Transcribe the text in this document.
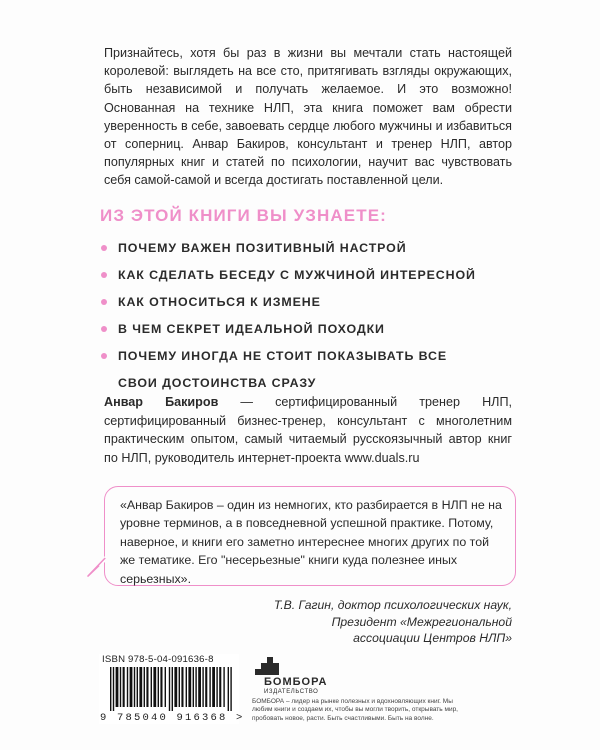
Признайтесь, хотя бы раз в жизни вы мечтали стать настоящей королевой: выглядеть на все сто, притягивать взгляды окружающих, быть независимой и получать желаемое. И это возможно! Основанная на технике НЛП, эта книга поможет вам обрести уверенность в себе, завоевать сердце любого мужчины и избавиться от соперниц. Анвар Бакиров, консультант и тренер НЛП, автор популярных книг и статей по психологии, научит вас чувствовать себя самой-самой и всегда достигать поставленной цели.

ИЗ ЭТОЙ КНИГИ ВЫ УЗНАЕТЕ:
ПОЧЕМУ ВАЖЕН ПОЗИТИВНЫЙ НАСТРОЙ
КАК СДЕЛАТЬ БЕСЕДУ С МУЖЧИНОЙ ИНТЕРЕСНОЙ
КАК ОТНОСИТЬСЯ К ИЗМЕНЕ
В ЧЕМ СЕКРЕТ ИДЕАЛЬНОЙ ПОХОДКИ
ПОЧЕМУ ИНОГДА НЕ СТОИТ ПОКАЗЫВАТЬ ВСЕ
СВОИ ДОСТОИНСТВА СРАЗУ

Анвар Бакиров — сертифицированный тренер НЛП, сертифицированный бизнес-тренер, консультант с многолетним практическим опытом, самый читаемый русскоязычный автор книг по НЛП, руководитель интернет-проекта www.duals.ru

«Анвар Бакиров – один из немногих, кто разбирается в НЛП не на уровне терминов, а в повседневной успешной практике. Потому, наверное, и книги его заметно интереснее многих других по той же тематике. Его "несерьезные" книги куда полезнее иных серьезных».

Т.В. Гагин, доктор психологических наук,
Президент «Межрегиональной
ассоциации Центров НЛП»
ISBN 978-5-04-091636-8
9 785040 916368 >
БОМБОРА
ИЗДАТЕЛЬСТВО
БОМБОРА – лидер на рынке полезных и вдохновляющих книг. Мы любим книги и создаем их, чтобы вы могли творить, открывать мир, пробовать новое, расти. Быть счастливыми. Быть на волне.
